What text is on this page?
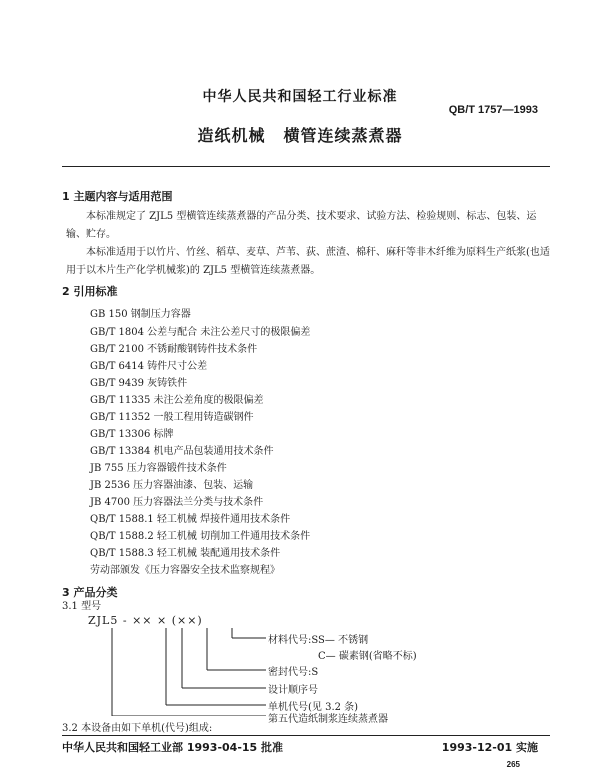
中华人民共和国轻工行业标准
QB/T 1757—1993
造纸机械 横管连续蒸煮器
1 主题内容与适用范围
本标准规定了 ZJL5 型横管连续蒸煮器的产品分类、技术要求、试验方法、检验规则、标志、包装、运输、贮存。
本标准适用于以竹片、竹丝、稻草、麦草、芦苇、荻、蔗渣、棉秆、麻秆等非木纤维为原料生产纸浆(也适用于以木片生产化学机械浆)的 ZJL5 型横管连续蒸煮器。
2 引用标准
GB 150 钢制压力容器
GB/T 1804 公差与配合 未注公差尺寸的极限偏差
GB/T 2100 不锈耐酸钢铸件技术条件
GB/T 6414 铸件尺寸公差
GB/T 9439 灰铸铁件
GB/T 11335 未注公差角度的极限偏差
GB/T 11352 一般工程用铸造碳钢件
GB/T 13306 标牌
GB/T 13384 机电产品包装通用技术条件
JB 755 压力容器锻件技术条件
JB 2536 压力容器油漆、包装、运输
JB 4700 压力容器法兰分类与技术条件
QB/T 1588.1 轻工机械 焊接件通用技术条件
QB/T 1588.2 轻工机械 切削加工件通用技术条件
QB/T 1588.3 轻工机械 装配通用技术条件
劳动部颁发《压力容器安全技术监察规程》
3 产品分类
3.1 型号
ZJL5 - ×× × (××)
材料代号:SS— 不锈钢
C— 碳素钢(省略不标)
密封代号:S
设计顺序号
单机代号(见 3.2 条)
第五代造纸制浆连续蒸煮器
3.2 本设备由如下单机(代号)组成:
中华人民共和国轻工业部 1993-04-15 批准	1993-12-01 实施
265
